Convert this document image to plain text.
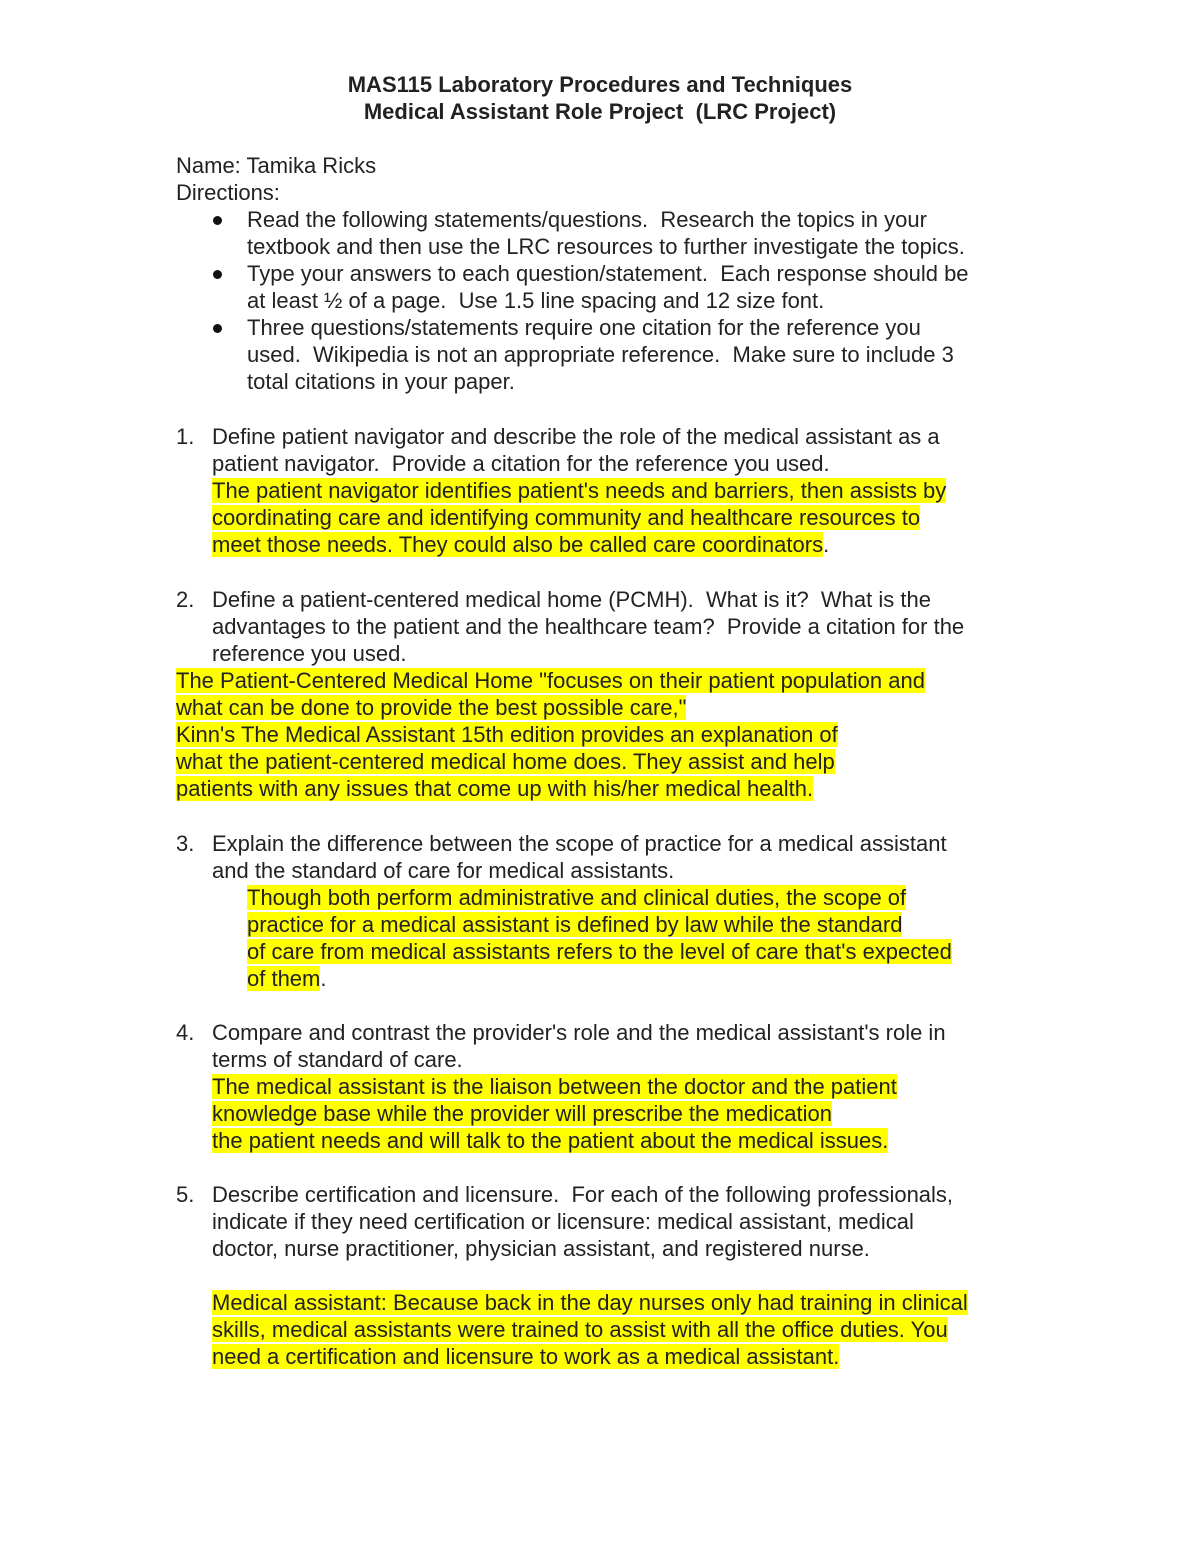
MAS115 Laboratory Procedures and Techniques
Medical Assistant Role Project  (LRC Project)
Name: Tamika Ricks
Directions:
Read the following statements/questions.  Research the topics in your
textbook and then use the LRC resources to further investigate the topics.
Type your answers to each question/statement.  Each response should be
at least ½ of a page.  Use 1.5 line spacing and 12 size font.
Three questions/statements require one citation for the reference you
used.  Wikipedia is not an appropriate reference.  Make sure to include 3
total citations in your paper.
1. Define patient navigator and describe the role of the medical assistant as a
patient navigator.  Provide a citation for the reference you used.
The patient navigator identifies patient's needs and barriers, then assists by
coordinating care and identifying community and healthcare resources to
meet those needs. They could also be called care coordinators.
2. Define a patient-centered medical home (PCMH).  What is it?  What is the
advantages to the patient and the healthcare team?  Provide a citation for the
reference you used.
The Patient-Centered Medical Home "focuses on their patient population and
what can be done to provide the best possible care,"
Kinn's The Medical Assistant 15th edition provides an explanation of
what the patient-centered medical home does. They assist and help
patients with any issues that come up with his/her medical health.
3. Explain the difference between the scope of practice for a medical assistant
and the standard of care for medical assistants.
Though both perform administrative and clinical duties, the scope of
practice for a medical assistant is defined by law while the standard
of care from medical assistants refers to the level of care that's expected
of them.
4. Compare and contrast the provider's role and the medical assistant's role in
terms of standard of care.
The medical assistant is the liaison between the doctor and the patient
knowledge base while the provider will prescribe the medication
the patient needs and will talk to the patient about the medical issues.
5. Describe certification and licensure.  For each of the following professionals,
indicate if they need certification or licensure: medical assistant, medical
doctor, nurse practitioner, physician assistant, and registered nurse.
Medical assistant: Because back in the day nurses only had training in clinical
skills, medical assistants were trained to assist with all the office duties. You
need a certification and licensure to work as a medical assistant.
